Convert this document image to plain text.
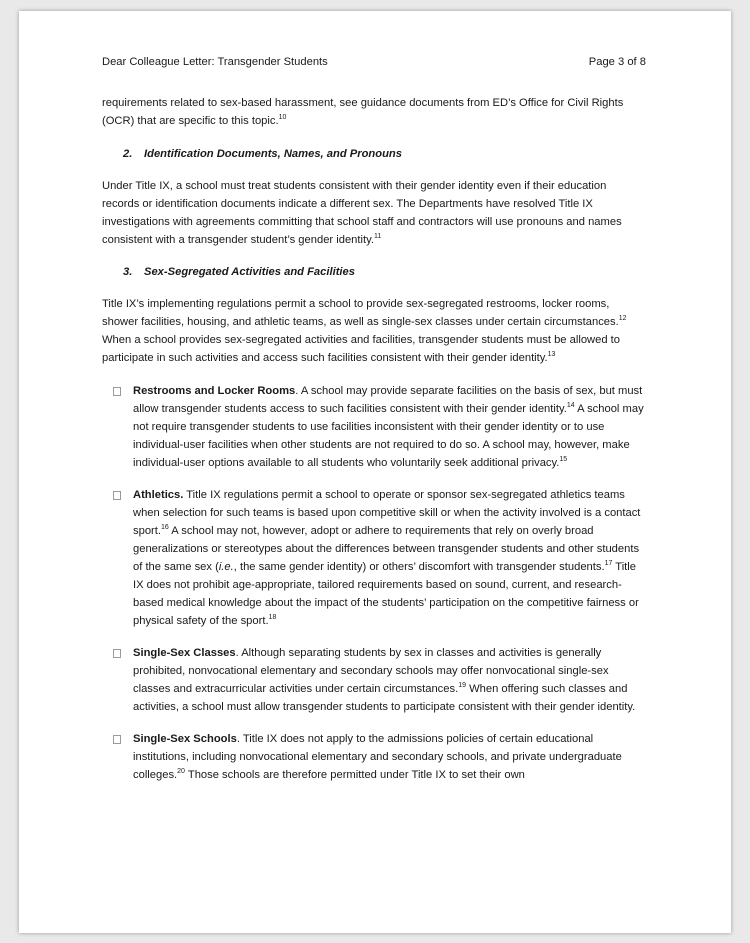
Dear Colleague Letter: Transgender Students	Page 3 of 8

requirements related to sex-based harassment, see guidance documents from ED’s Office for Civil Rights (OCR) that are specific to this topic.$^{10}$

2. Identification Documents, Names, and Pronouns

Under Title IX, a school must treat students consistent with their gender identity even if their education records or identification documents indicate a different sex. The Departments have resolved Title IX investigations with agreements committing that school staff and contractors will use pronouns and names consistent with a transgender student’s gender identity.$^{11}$

3. Sex-Segregated Activities and Facilities

Title IX’s implementing regulations permit a school to provide sex-segregated restrooms, locker rooms, shower facilities, housing, and athletic teams, as well as single-sex classes under certain circumstances.$^{12}$ When a school provides sex-segregated activities and facilities, transgender students must be allowed to participate in such activities and access such facilities consistent with their gender identity.$^{13}$

Restrooms and Locker Rooms. A school may provide separate facilities on the basis of sex, but must allow transgender students access to such facilities consistent with their gender identity.$^{14}$ A school may not require transgender students to use facilities inconsistent with their gender identity or to use individual-user facilities when other students are not required to do so. A school may, however, make individual-user options available to all students who voluntarily seek additional privacy.$^{15}$
Athletics. Title IX regulations permit a school to operate or sponsor sex-segregated athletics teams when selection for such teams is based upon competitive skill or when the activity involved is a contact sport.$^{16}$ A school may not, however, adopt or adhere to requirements that rely on overly broad generalizations or stereotypes about the differences between transgender students and other students of the same sex (i.e., the same gender identity) or others’ discomfort with transgender students.$^{17}$ Title IX does not prohibit age-appropriate, tailored requirements based on sound, current, and research-based medical knowledge about the impact of the students’ participation on the competitive fairness or physical safety of the sport.$^{18}$
Single-Sex Classes. Although separating students by sex in classes and activities is generally prohibited, nonvocational elementary and secondary schools may offer nonvocational single-sex classes and extracurricular activities under certain circumstances.$^{19}$ When offering such classes and activities, a school must allow transgender students to participate consistent with their gender identity.
Single-Sex Schools. Title IX does not apply to the admissions policies of certain educational institutions, including nonvocational elementary and secondary schools, and private undergraduate colleges.$^{20}$ Those schools are therefore permitted under Title IX to set their own
